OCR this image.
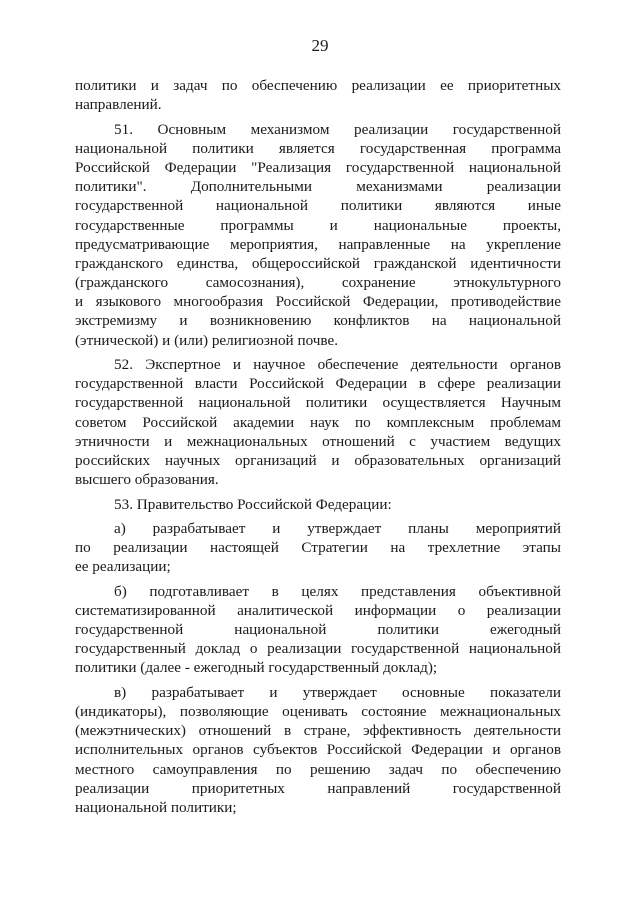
29
политики и задач по обеспечению реализации ее приоритетных
направлений.
51. Основным механизмом реализации государственной
национальной политики является государственная программа
Российской Федерации "Реализация государственной национальной
политики". Дополнительными механизмами реализации
государственной национальной политики являются иные
государственные программы и национальные проекты,
предусматривающие мероприятия, направленные на укрепление
гражданского единства, общероссийской гражданской идентичности
(гражданского самосознания), сохранение этнокультурного
и языкового многообразия Российской Федерации, противодействие
экстремизму и возникновению конфликтов на национальной
(этнической) и (или) религиозной почве.
52. Экспертное и научное обеспечение деятельности органов
государственной власти Российской Федерации в сфере реализации
государственной национальной политики осуществляется Научным
советом Российской академии наук по комплексным проблемам
этничности и межнациональных отношений с участием ведущих
российских научных организаций и образовательных организаций
высшего образования.
53. Правительство Российской Федерации:
а) разрабатывает и утверждает планы мероприятий
по реализации настоящей Стратегии на трехлетние этапы
ее реализации;
б) подготавливает в целях представления объективной
систематизированной аналитической информации о реализации
государственной национальной политики ежегодный
государственный доклад о реализации государственной национальной
политики (далее - ежегодный государственный доклад);
в) разрабатывает и утверждает основные показатели
(индикаторы), позволяющие оценивать состояние межнациональных
(межэтнических) отношений в стране, эффективность деятельности
исполнительных органов субъектов Российской Федерации и органов
местного самоуправления по решению задач по обеспечению
реализации приоритетных направлений государственной
национальной политики;
